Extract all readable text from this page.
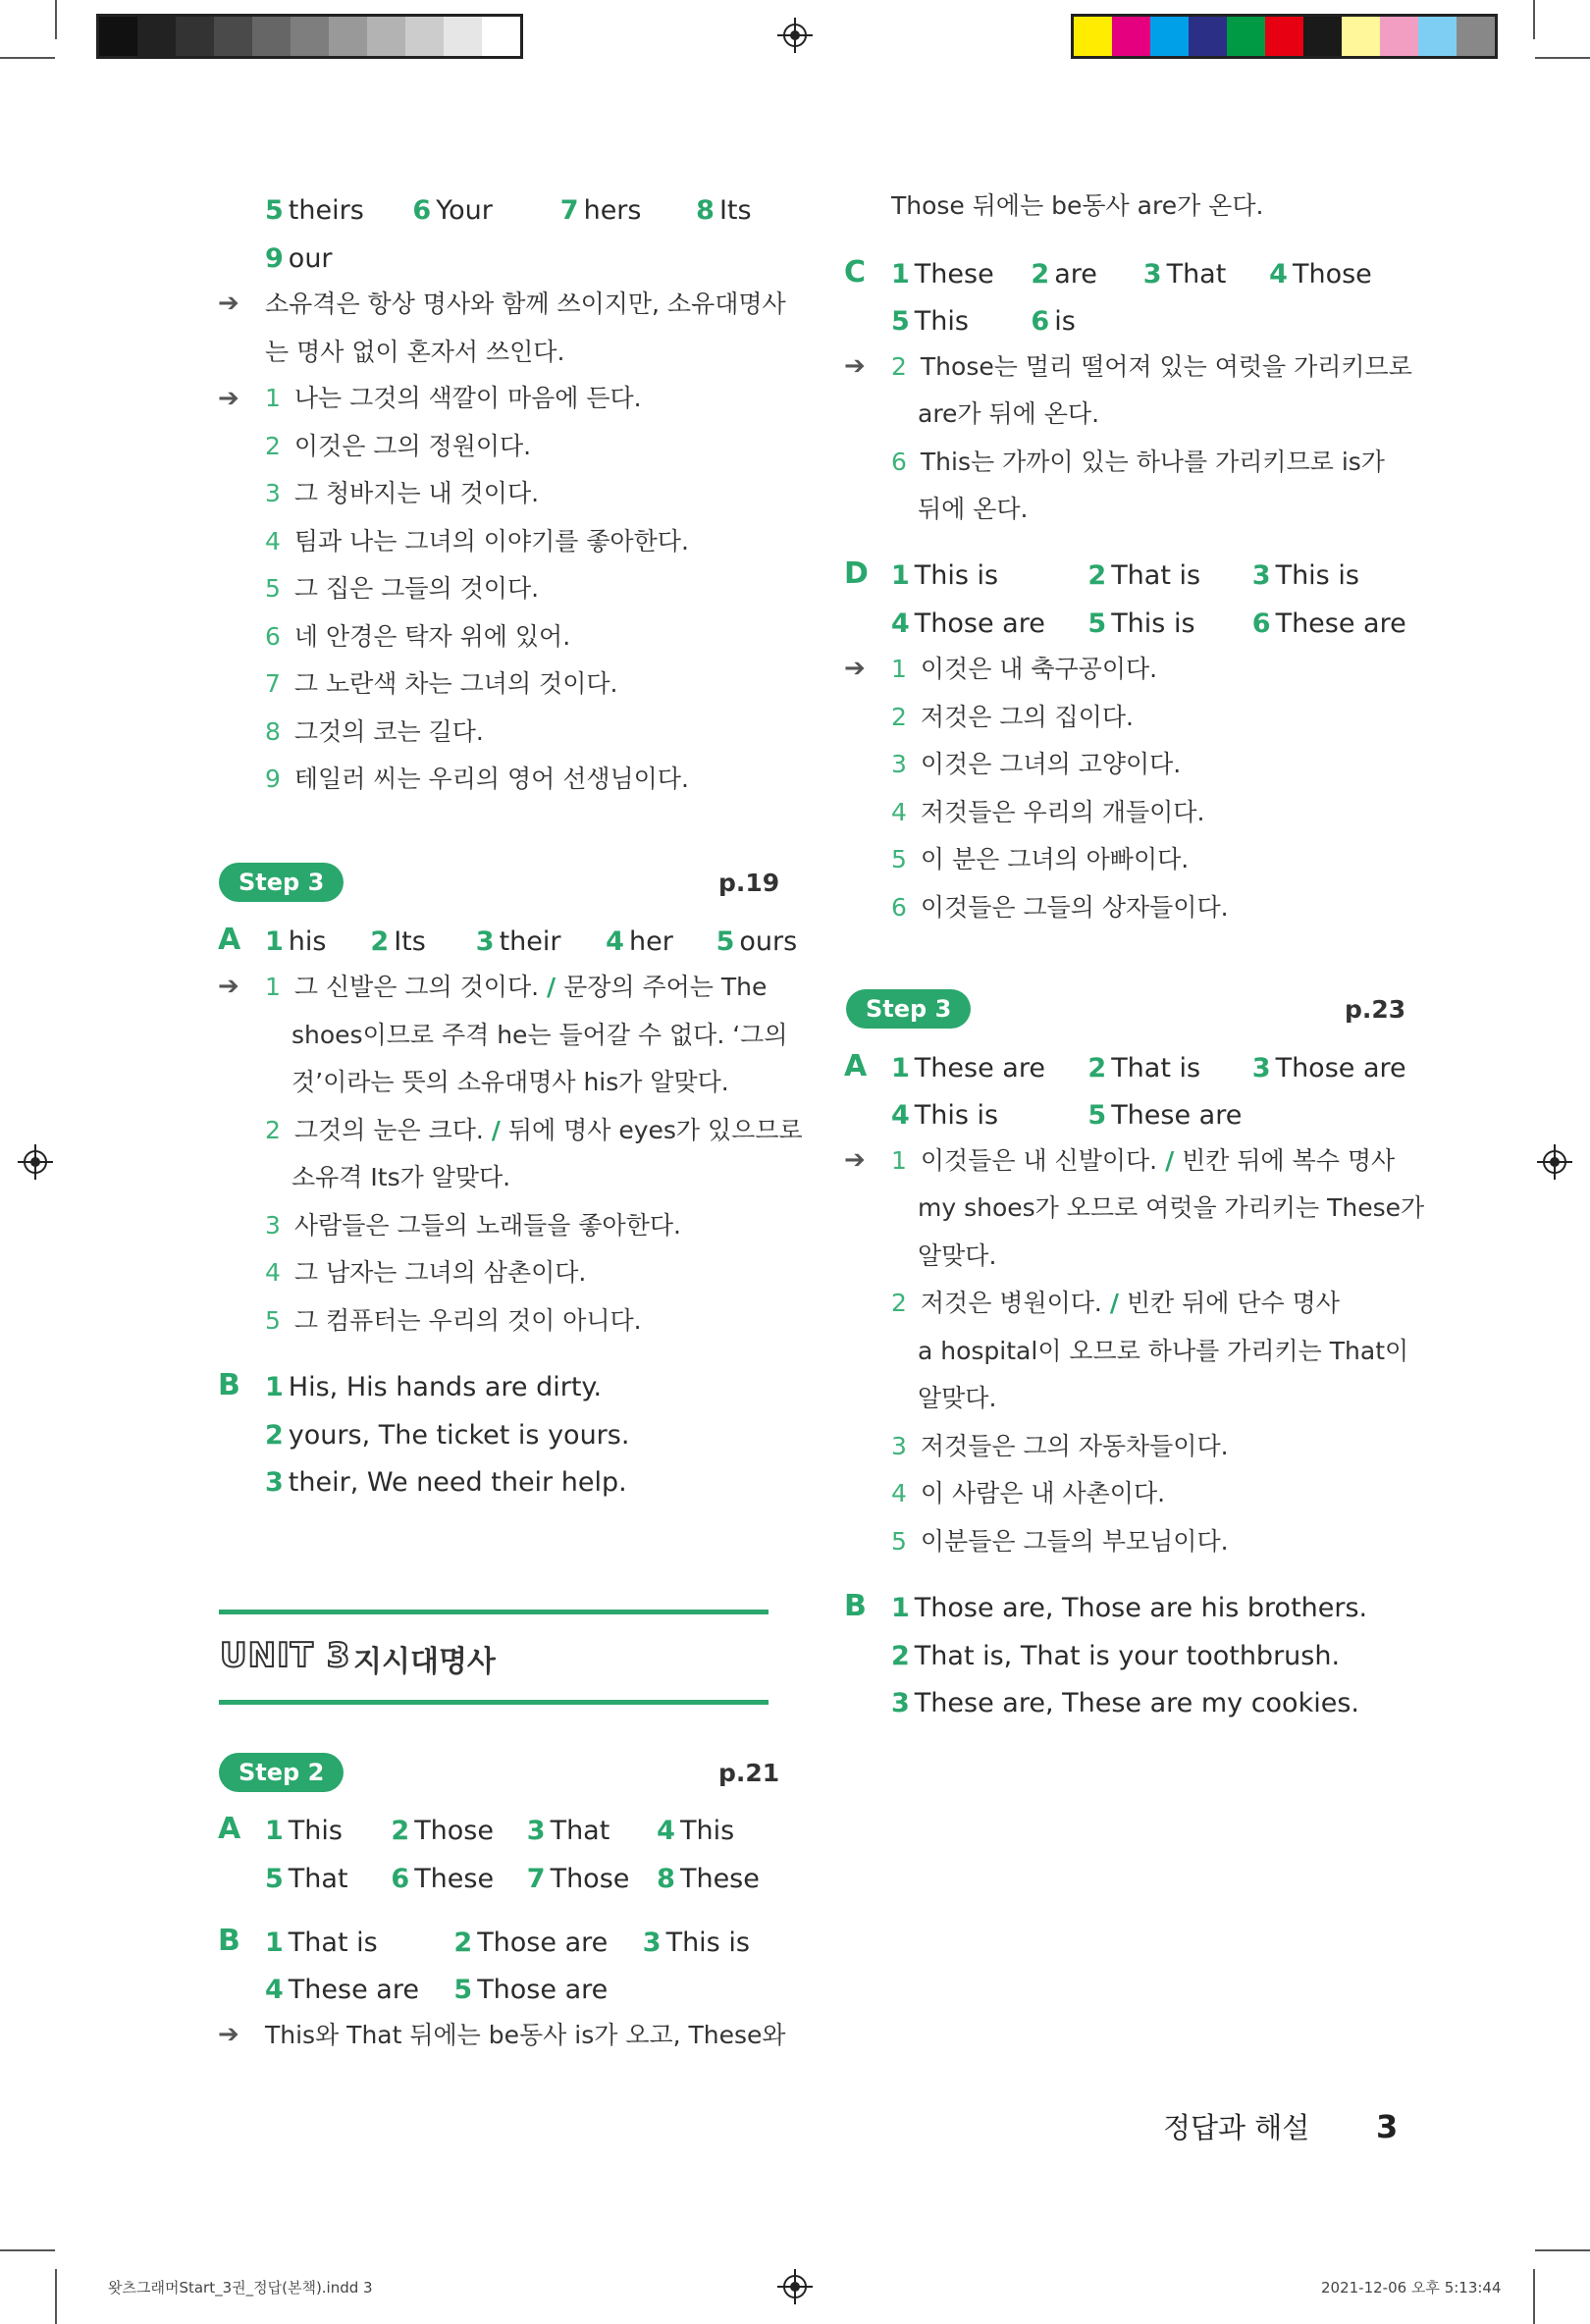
5 theirs 6 Your	7 hers 8 Its
9 our
➔ 소유격은 항상 명사와 함께 쓰이지만, 소유대명사
는 명사 없이 혼자서 쓰인다.
➔ 1 나는 그것의 색깔이 마음에 든다.
2 이것은 그의 정원이다.
3 그 청바지는 내 것이다.
4 팀과 나는 그녀의 이야기를 좋아한다.
5 그 집은 그들의 것이다.
6 네 안경은 탁자 위에 있어.
7 그 노란색 차는 그녀의 것이다.
8 그것의 코는 길다.
9 테일러 씨는 우리의 영어 선생님이다.
Step 3	p.19
A 1 his 2 Its 3 their 4 her 5 ours
➔ 1 그 신발은 그의 것이다. / 문장의 주어는 The
shoes이므로 주격 he는 들어갈 수 없다. ‘그의
것’이라는 뜻의 소유대명사 his가 알맞다.
2 그것의 눈은 크다. / 뒤에 명사 eyes가 있으므로
소유격 Its가 알맞다.
3 사람들은 그들의 노래들을 좋아한다.
4 그 남자는 그녀의 삼촌이다.
5 그 컴퓨터는 우리의 것이 아니다.
B 1 His, His hands are dirty.
2 yours, The ticket is yours.
3 their, We need their help.
UNIT 3 지시대명사
Step 2	p.21
A 1 This 2 Those 3 That 4 This
5 That 6 These 7 Those 8 These
B 1 That is	2 Those are 3 This is
4 These are 5 Those are
➔ This와 That 뒤에는 be동사 is가 오고, These와
Those 뒤에는 be동사 are가 온다.
C 1 These 2 are 3 That 4 Those
5 This 6 is
➔ 2 Those는 멀리 떨어져 있는 여럿을 가리키므로
are가 뒤에 온다.
6 This는 가까이 있는 하나를 가리키므로 is가
뒤에 온다.
D 1 This is	2 That is 3 This is
4 Those are 5 This is 6 These are
➔ 1 이것은 내 축구공이다.
2 저것은 그의 집이다.
3 이것은 그녀의 고양이다.
4 저것들은 우리의 개들이다.
5 이 분은 그녀의 아빠이다.
6 이것들은 그들의 상자들이다.
Step 3	p.23
A 1 These are 2 That is 3 Those are
4 This is	5 These are
➔ 1 이것들은 내 신발이다. / 빈칸 뒤에 복수 명사
my shoes가 오므로 여럿을 가리키는 These가
알맞다.
2 저것은 병원이다. / 빈칸 뒤에 단수 명사
a hospital이 오므로 하나를 가리키는 That이
알맞다.
3 저것들은 그의 자동차들이다.
4 이 사람은 내 사촌이다.
5 이분들은 그들의 부모님이다.
B 1 Those are, Those are his brothers.
2 That is, That is your toothbrush.
3 These are, These are my cookies.
정답과 해설 3
왓츠그래머Start_3권_정답(본책).indd 3	2021-12-06 오후 5:13:44
